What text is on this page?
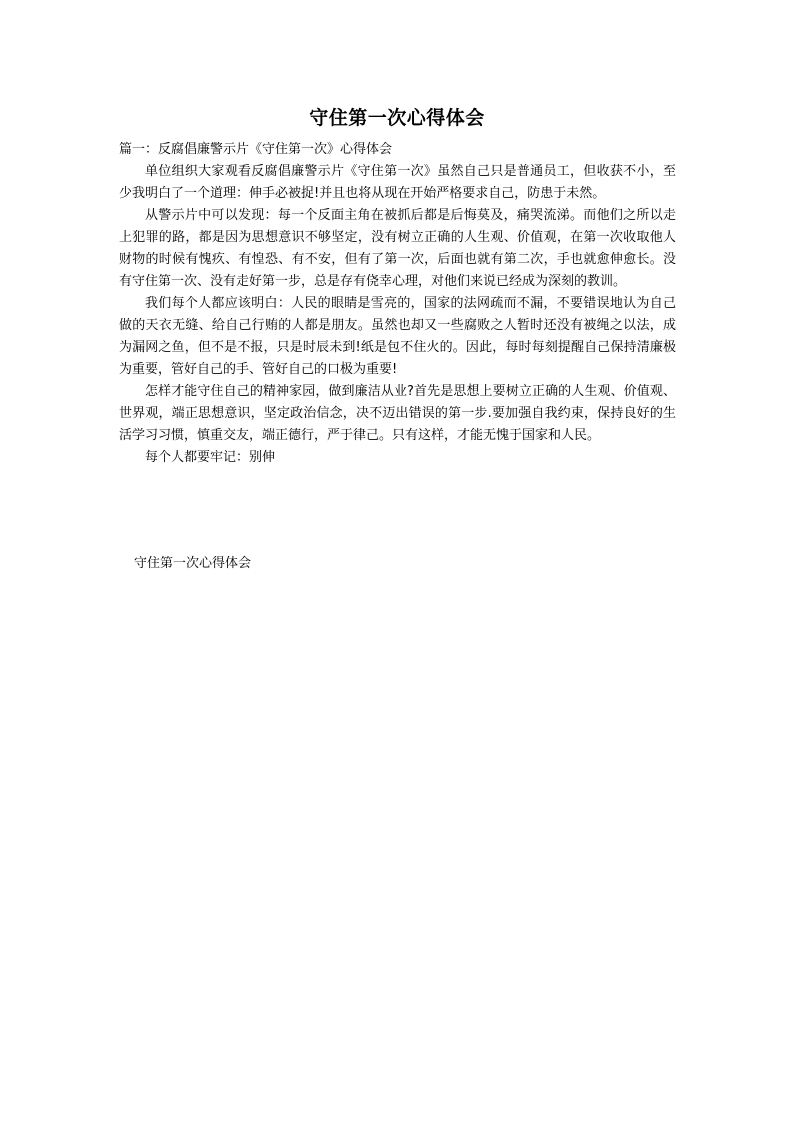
守住第一次心得体会

篇一：反腐倡廉警示片《守住第一次》心得体会

单位组织大家观看反腐倡廉警示片《守住第一次》虽然自己只是普通员工，但收获不小，至少我明白了一个道理：伸手必被捉!并且也将从现在开始严格要求自己，防患于未然。

从警示片中可以发现：每一个反面主角在被抓后都是后悔莫及，痛哭流涕。而他们之所以走上犯罪的路，都是因为思想意识不够坚定，没有树立正确的人生观、价值观，在第一次收取他人财物的时候有愧疚、有惶恐、有不安，但有了第一次，后面也就有第二次，手也就愈伸愈长。没有守住第一次、没有走好第一步，总是存有侥幸心理，对他们来说已经成为深刻的教训。

我们每个人都应该明白：人民的眼睛是雪亮的，国家的法网疏而不漏，不要错误地认为自己做的天衣无缝、给自己行贿的人都是朋友。虽然也却又一些腐败之人暂时还没有被绳之以法，成为漏网之鱼，但不是不报，只是时辰未到!纸是包不住火的。因此，每时每刻提醒自己保持清廉极为重要，管好自己的手、管好自己的口极为重要!

怎样才能守住自己的精神家园，做到廉洁从业?首先是思想上要树立正确的人生观、价值观、世界观，端正思想意识，坚定政治信念，决不迈出错误的第一步.要加强自我约束，保持良好的生活学习习惯，慎重交友，端正德行，严于律己。只有这样，才能无愧于国家和人民。

每个人都要牢记：别伸

守住第一次心得体会
